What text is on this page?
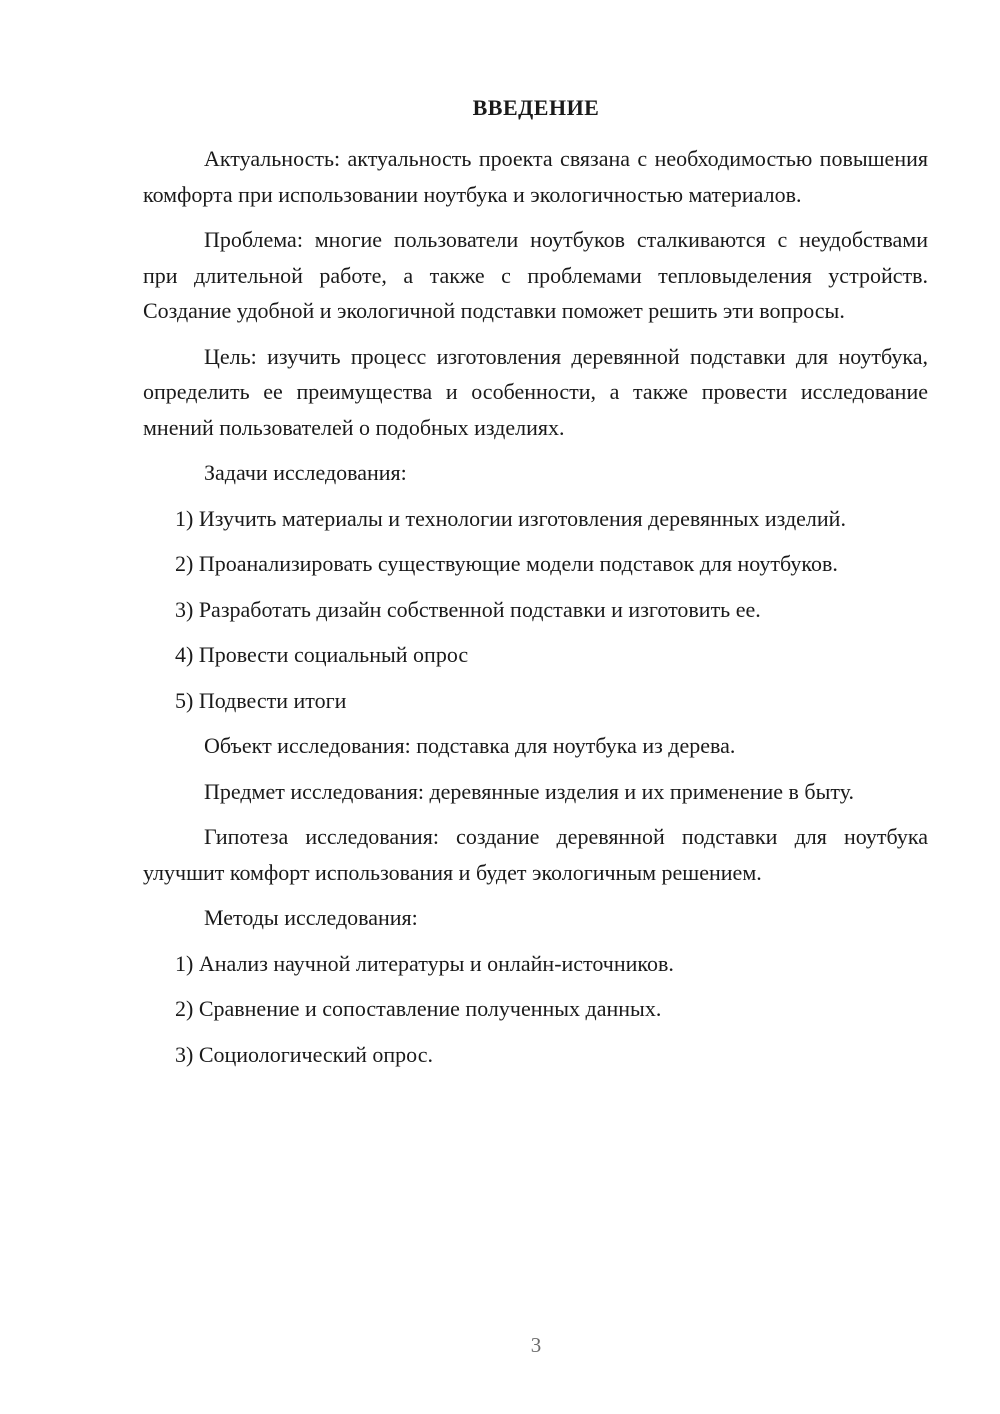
ВВЕДЕНИЕ

Актуальность: актуальность проекта связана с необходимостью повышения комфорта при использовании ноутбука и экологичностью материалов.

Проблема: многие пользователи ноутбуков сталкиваются с неудобствами при длительной работе, а также с проблемами тепловыделения устройств. Создание удобной и экологичной подставки поможет решить эти вопросы.

Цель: изучить процесс изготовления деревянной подставки для ноутбука, определить ее преимущества и особенности, а также провести исследование мнений пользователей о подобных изделиях.

Задачи исследования:

1) Изучить материалы и технологии изготовления деревянных изделий.

2) Проанализировать существующие модели подставок для ноутбуков.

3) Разработать дизайн собственной подставки и изготовить ее.

4) Провести социальный опрос

5) Подвести итоги

Объект исследования: подставка для ноутбука из дерева.

Предмет исследования: деревянные изделия и их применение в быту.

Гипотеза исследования: создание деревянной подставки для ноутбука улучшит комфорт использования и будет экологичным решением.

Методы исследования:

1) Анализ научной литературы и онлайн-источников.

2) Сравнение и сопоставление полученных данных.

3) Социологический опрос.

3
